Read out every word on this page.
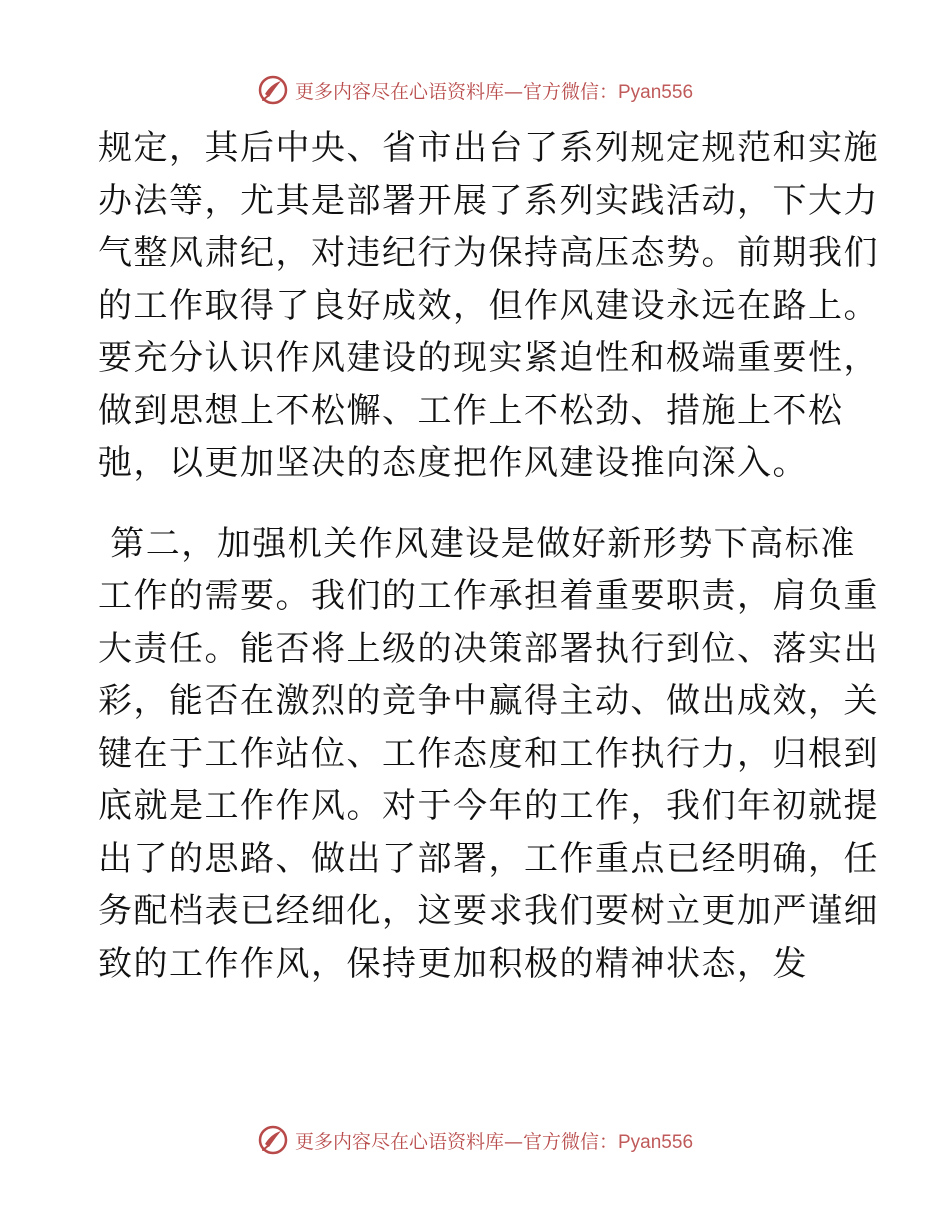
更多内容尽在心语资料库—官方微信：Pyan556

规定，其后中央、省市出台了系列规定规范和实施
办法等，尤其是部署开展了系列实践活动，下大力
气整风肃纪，对违纪行为保持高压态势。前期我们
的工作取得了良好成效，但作风建设永远在路上。
要充分认识作风建设的现实紧迫性和极端重要性，
做到思想上不松懈、工作上不松劲、措施上不松
弛，以更加坚决的态度把作风建设推向深入。

第二，加强机关作风建设是做好新形势下高标准
工作的需要。我们的工作承担着重要职责，肩负重
大责任。能否将上级的决策部署执行到位、落实出
彩，能否在激烈的竞争中赢得主动、做出成效，关
键在于工作站位、工作态度和工作执行力，归根到
底就是工作作风。对于今年的工作，我们年初就提
出了的思路、做出了部署，工作重点已经明确，任
务配档表已经细化，这要求我们要树立更加严谨细
致的工作作风，保持更加积极的精神状态，发

更多内容尽在心语资料库—官方微信：Pyan556
